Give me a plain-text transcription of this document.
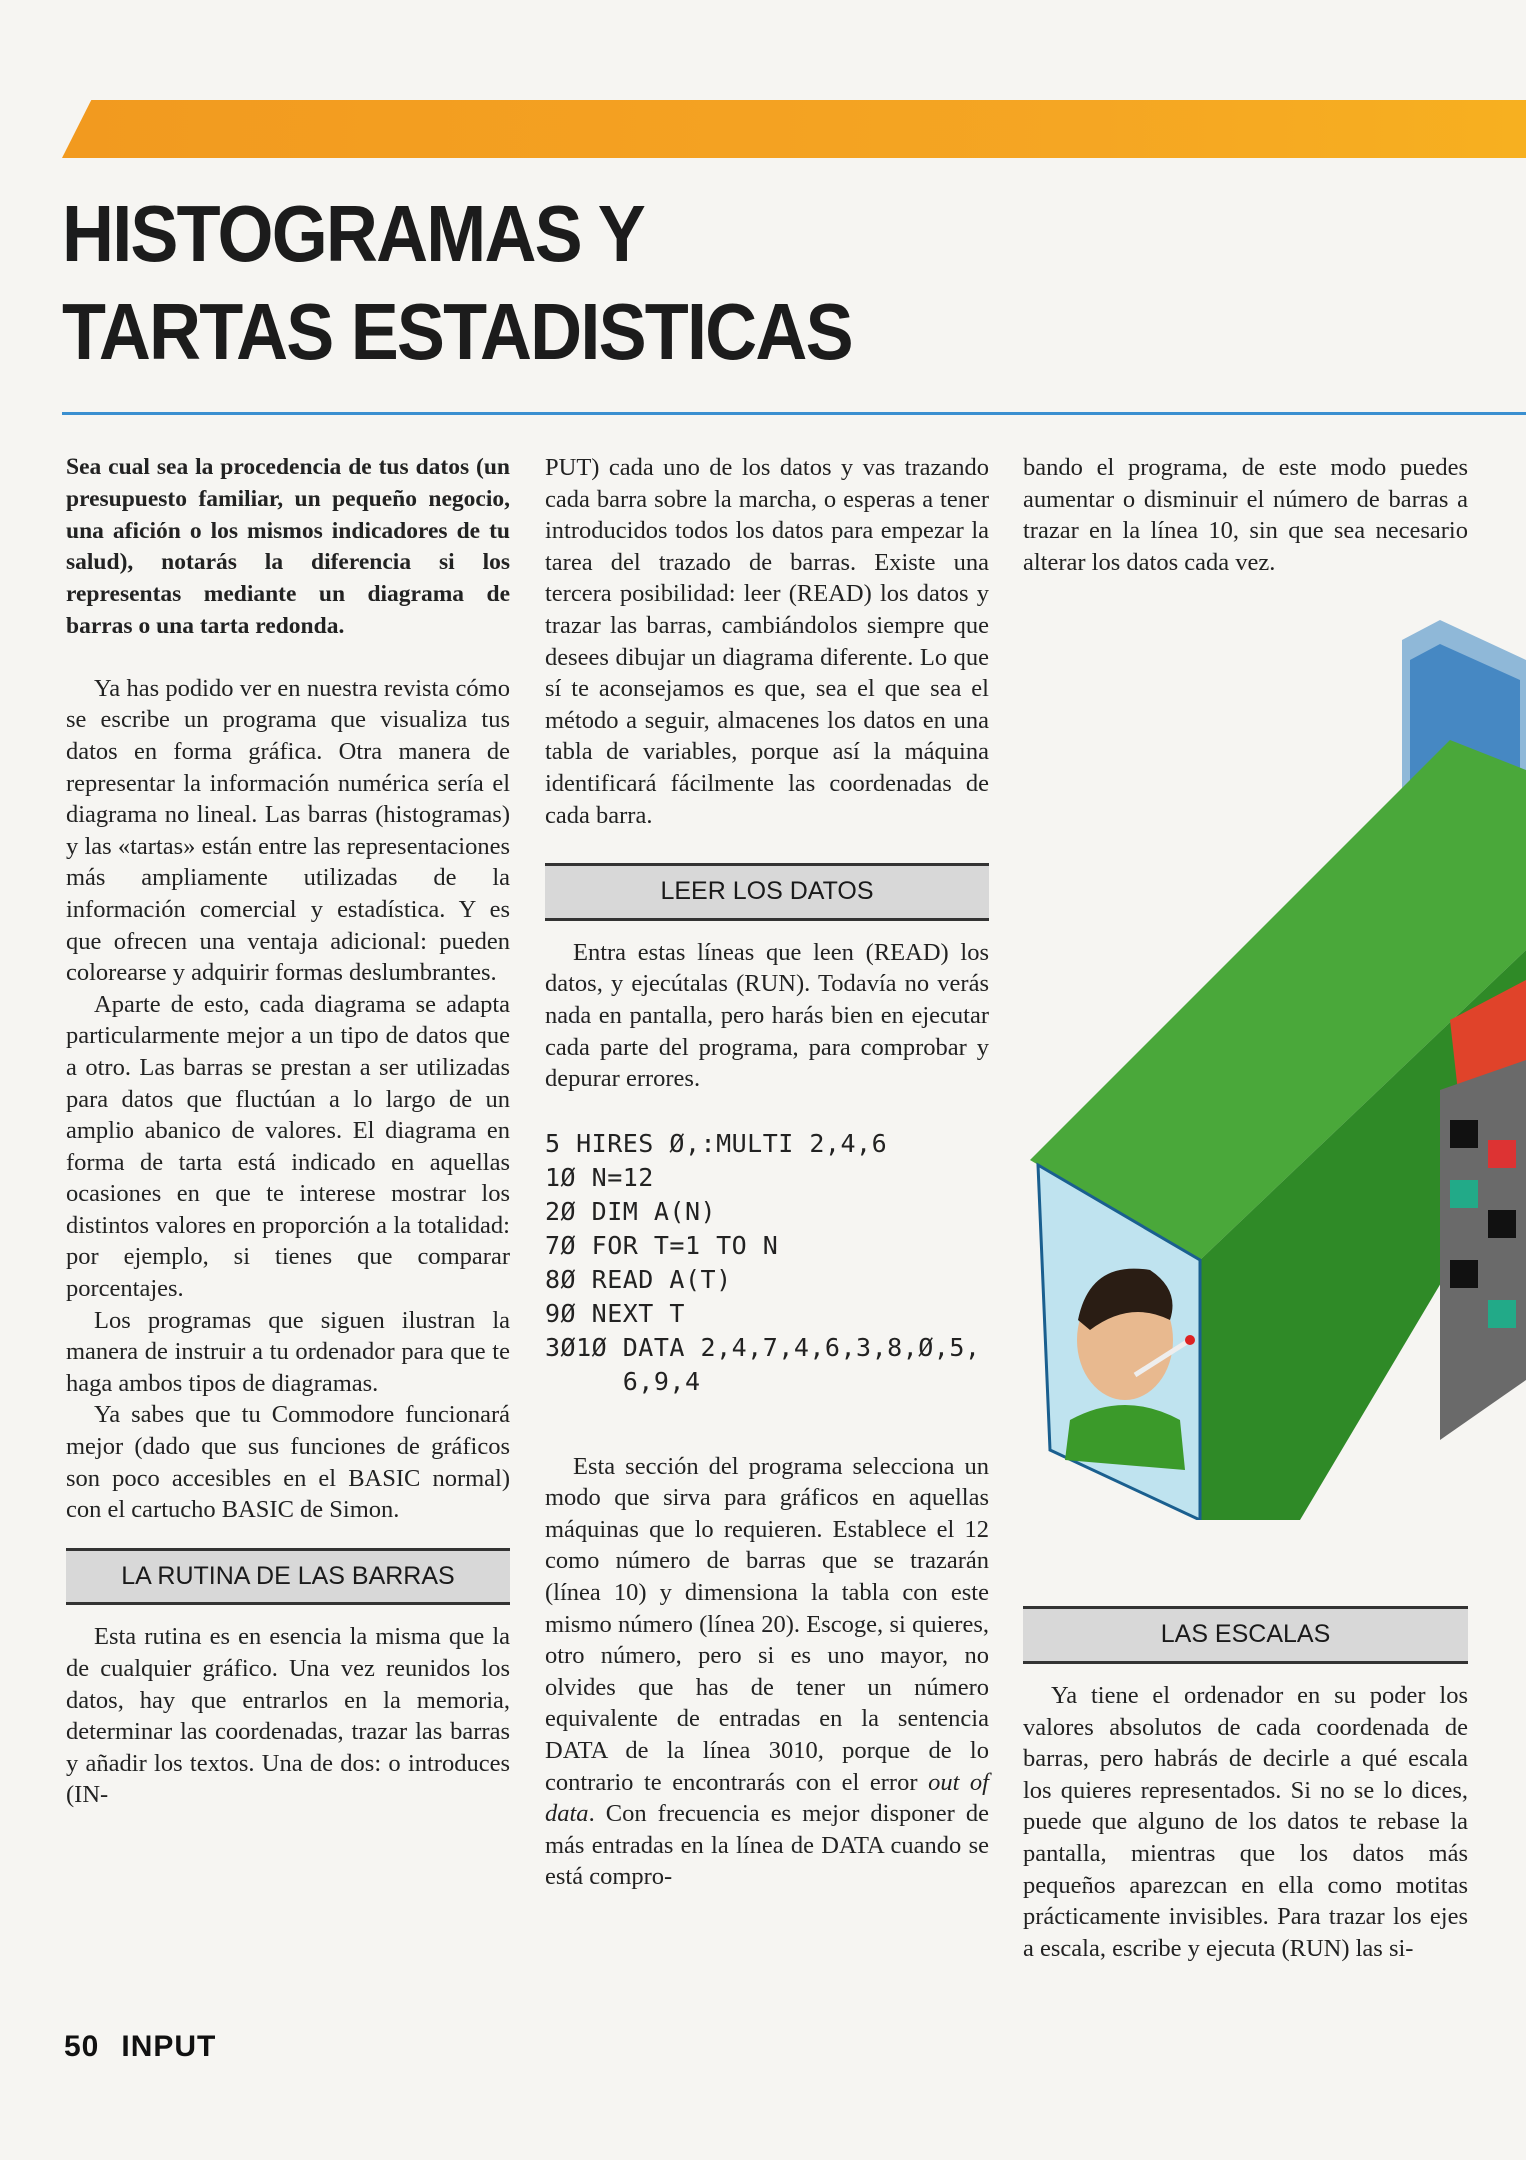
HISTOGRAMAS Y
TARTAS ESTADISTICAS

Sea cual sea la procedencia de tus datos (un presupuesto familiar, un pequeño negocio, una afición o los mismos indicadores de tu salud), notarás la diferencia si los representas mediante un diagrama de barras o una tarta redonda.

Ya has podido ver en nuestra revista cómo se escribe un programa que visualiza tus datos en forma gráfica. Otra manera de representar la información numérica sería el diagrama no lineal. Las barras (histogramas) y las «tartas» están entre las representaciones más ampliamente utilizadas de la información comercial y estadística. Y es que ofrecen una ventaja adicional: pueden colorearse y adquirir formas deslumbrantes.

Aparte de esto, cada diagrama se adapta particularmente mejor a un tipo de datos que a otro. Las barras se prestan a ser utilizadas para datos que fluctúan a lo largo de un amplio abanico de valores. El diagrama en forma de tarta está indicado en aquellas ocasiones en que te interese mostrar los distintos valores en proporción a la totalidad: por ejemplo, si tienes que comparar porcentajes.

Los programas que siguen ilustran la manera de instruir a tu ordenador para que te haga ambos tipos de diagramas.

Ya sabes que tu Commodore funcionará mejor (dado que sus funciones de gráficos son poco accesibles en el BASIC normal) con el cartucho BASIC de Simon.

LA RUTINA DE LAS BARRAS

Esta rutina es en esencia la misma que la de cualquier gráfico. Una vez reunidos los datos, hay que entrarlos en la memoria, determinar las coordenadas, trazar las barras y añadir los textos. Una de dos: o introduces (IN-

PUT) cada uno de los datos y vas trazando cada barra sobre la marcha, o esperas a tener introducidos todos los datos para empezar la tarea del trazado de barras. Existe una tercera posibilidad: leer (READ) los datos y trazar las barras, cambiándolos siempre que desees dibujar un diagrama diferente. Lo que sí te aconsejamos es que, sea el que sea el método a seguir, almacenes los datos en una tabla de variables, porque así la máquina identificará fácilmente las coordenadas de cada barra.

LEER LOS DATOS

Entra estas líneas que leen (READ) los datos, y ejecútalas (RUN). Todavía no verás nada en pantalla, pero harás bien en ejecutar cada parte del programa, para comprobar y depurar errores.

5 HIRES Ø,:MULTI 2,4,6
1Ø N=12
2Ø DIM A(N)
7Ø FOR T=1 TO N
8Ø READ A(T)
9Ø NEXT T
3Ø1Ø DATA 2,4,7,4,6,3,8,Ø,5,
6,9,4

Esta sección del programa selecciona un modo que sirva para gráficos en aquellas máquinas que lo requieren. Establece el 12 como número de barras que se trazarán (línea 10) y dimensiona la tabla con este mismo número (línea 20). Escoge, si quieres, otro número, pero si es uno mayor, no olvides que has de tener un número equivalente de entradas en la sentencia DATA de la línea 3010, porque de lo contrario te encontrarás con el error out of data. Con frecuencia es mejor disponer de más entradas en la línea de DATA cuando se está compro-

bando el programa, de este modo puedes aumentar o disminuir el número de barras a trazar en la línea 10, sin que sea necesario alterar los datos cada vez.

LAS ESCALAS

Ya tiene el ordenador en su poder los valores absolutos de cada coordenada de barras, pero habrás de decirle a qué escala los quieres representados. Si no se lo dices, puede que alguno de los datos te rebase la pantalla, mientras que los datos más pequeños aparezcan en ella como motitas prácticamente invisibles. Para trazar los ejes a escala, escribe y ejecuta (RUN) las si-

50 INPUT
